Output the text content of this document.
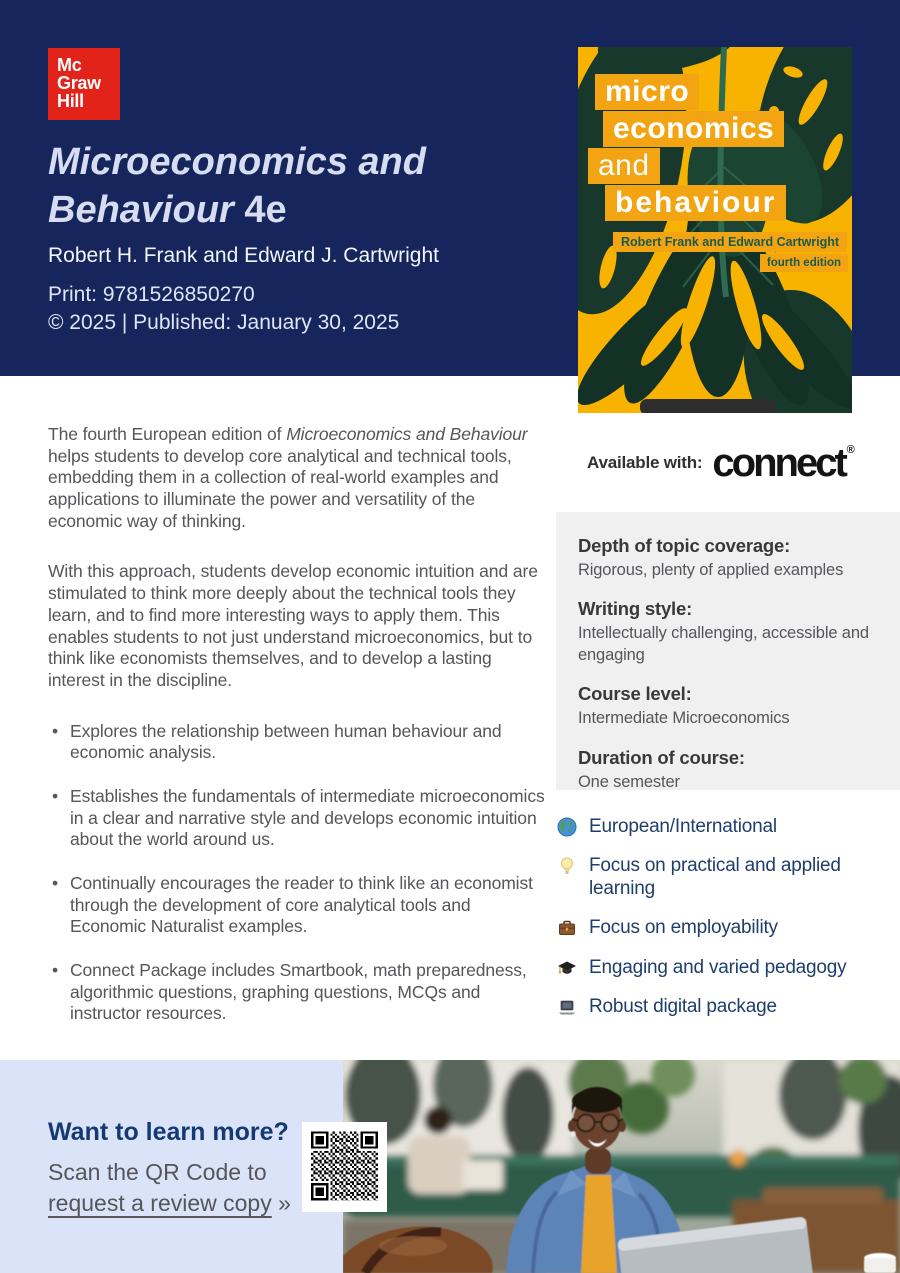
Mc
Graw
Hill
Microeconomics and Behaviour 4e

Robert H. Frank and Edward J. Cartwright

Print: 9781526850270
© 2025 | Published: January 30, 2025

micro
economics
and
behaviour
Robert Frank and Edward Cartwright
fourth edition

The fourth European edition of Microeconomics and Behaviour helps students to develop core analytical and technical tools, embedding them in a collection of real-world examples and applications to illuminate the power and versatility of the economic way of thinking.

With this approach, students develop economic intuition and are stimulated to think more deeply about the technical tools they learn, and to find more interesting ways to apply them. This enables students to not just understand microeconomics, but to think like economists themselves, and to develop a lasting interest in the discipline.

• Explores the relationship between human behaviour and economic analysis.
• Establishes the fundamentals of intermediate microeconomics in a clear and narrative style and develops economic intuition about the world around us.
• Continually encourages the reader to think like an economist through the development of core analytical tools and Economic Naturalist examples.
• Connect Package includes Smartbook, math preparedness, algorithmic questions, graphing questions, MCQs and instructor resources.
Available with: connect ®
Depth of topic coverage:
Rigorous, plenty of applied examples
Writing style:
Intellectually challenging, accessible and engaging
Course level:
Intermediate Microeconomics
Duration of course:
One semester
European/International
Focus on practical and applied learning
Focus on employability
Engaging and varied pedagogy
Robust digital package
Want to learn more?

Scan the QR Code to

request a review copy »
